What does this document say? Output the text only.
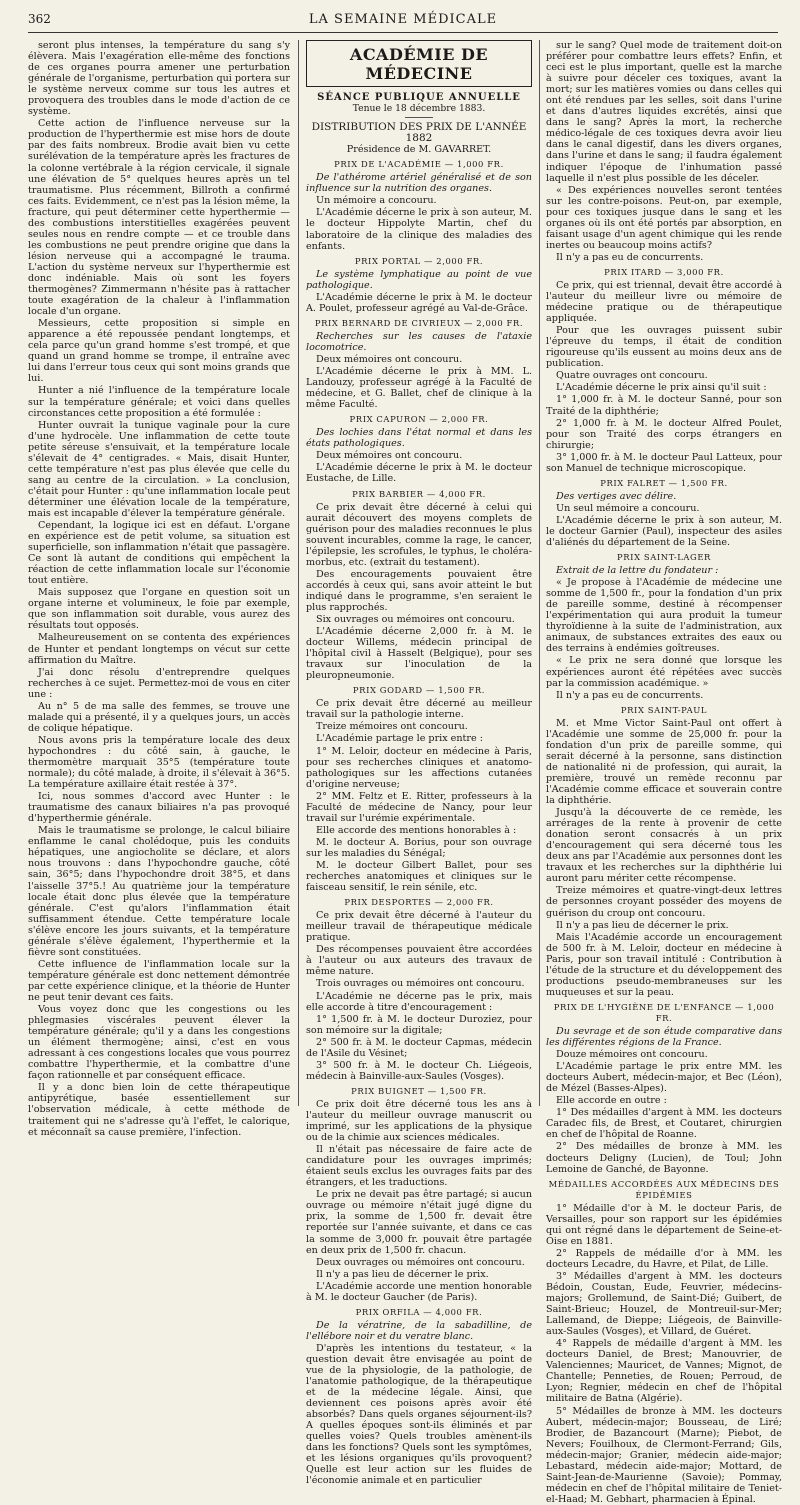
362	LA SEMAINE MÉDICALE

seront plus intenses, la température du sang s'y élèvera. Mais l'exagération elle-même des fonctions de ces organes pourra amener une perturbation générale de l'organisme, perturbation qui portera sur le système nerveux comme sur tous les autres et provoquera des troubles dans le mode d'action de ce système.

Cette action de l'influence nerveuse sur la production de l'hyperthermie est mise hors de doute par des faits nombreux. Brodie avait bien vu cette surélévation de la température après les fractures de la colonne vertébrale à la région cervicale, il signale une élévation de 5° quelques heures après un tel traumatisme. Plus récemment, Billroth a confirmé ces faits. Evidemment, ce n'est pas la lésion même, la fracture, qui peut déterminer cette hyperthermie — des combustions interstitielles exagérées peuvent seules nous en rendre compte — et ce trouble dans les combustions ne peut prendre origine que dans la lésion nerveuse qui a accompagné le trauma. L'action du système nerveux sur l'hyperthermie est donc indéniable. Mais où sont les foyers thermogènes? Zimmermann n'hésite pas à rattacher toute exagération de la chaleur à l'inflammation locale d'un organe.

Messieurs, cette proposition si simple en apparence a été repoussée pendant longtemps, et cela parce qu'un grand homme s'est trompé, et que quand un grand homme se trompe, il entraîne avec lui dans l'erreur tous ceux qui sont moins grands que lui.

Hunter a nié l'influence de la température locale sur la température générale; et voici dans quelles circonstances cette proposition a été formulée :

Hunter ouvrait la tunique vaginale pour la cure d'une hydrocèle. Une inflammation de cette toute petite séreuse s'ensuivait, et la température locale s'élevait de 4° centigrades. « Mais, disait Hunter, cette température n'est pas plus élevée que celle du sang au centre de la circulation. » La conclusion, c'était pour Hunter : qu'une inflammation locale peut déterminer une élévation locale de la température, mais est incapable d'élever la température générale.

Cependant, la logique ici est en défaut. L'organe en expérience est de petit volume, sa situation est superficielle, son inflammation n'était que passagère. Ce sont là autant de conditions qui empêchent la réaction de cette inflammation locale sur l'économie tout entière.

Mais supposez que l'organe en question soit un organe interne et volumineux, le foie par exemple, que son inflammation soit durable, vous aurez des résultats tout opposés.

Malheureusement on se contenta des expériences de Hunter et pendant longtemps on vécut sur cette affirmation du Maître.

J'ai donc résolu d'entreprendre quelques recherches à ce sujet. Permettez-moi de vous en citer une :

Au n° 5 de ma salle des femmes, se trouve une malade qui a présenté, il y a quelques jours, un accès de colique hépatique.

Nous avons pris la température locale des deux hypochondres : du côté sain, à gauche, le thermomètre marquait 35°5 (température toute normale); du côté malade, à droite, il s'élevait à 36°5. La température axillaire était restée à 37°.

Ici, nous sommes d'accord avec Hunter : le traumatisme des canaux biliaires n'a pas provoqué d'hyperthermie générale.

Mais le traumatisme se prolonge, le calcul biliaire enflamme le canal cholédoque, puis les conduits hépatiques, une angiocholite se déclare, et alors nous trouvons : dans l'hypochondre gauche, côté sain, 36°5; dans l'hypochondre droit 38°5, et dans l'aisselle 37°5.! Au quatrième jour la température locale était donc plus élevée que la température générale. C'est qu'alors l'inflammation était suffisamment étendue. Cette température locale s'élève encore les jours suivants, et la température générale s'élève également, l'hyperthermie et la fièvre sont constituées.

Cette influence de l'inflammation locale sur la température générale est donc nettement démontrée par cette expérience clinique, et la théorie de Hunter ne peut tenir devant ces faits.

Vous voyez donc que les congestions ou les phlegmasies viscérales peuvent élever la température générale; qu'il y a dans les congestions un élément thermogène; ainsi, c'est en vous adressant à ces congestions locales que vous pourrez combattre l'hyperthermie, et la combattre d'une façon rationnelle et par conséquent efficace.

Il y a donc bien loin de cette thérapeutique antipyrétique, basée essentiellement sur l'observation médicale, à cette méthode de traitement qui ne s'adresse qu'à l'effet, le calorique, et méconnaît sa cause première, l'infection.

ACADÉMIE DE MÉDECINE
SÉANCE PUBLIQUE ANNUELLE
Tenue le 18 décembre 1883.
DISTRIBUTION DES PRIX DE L'ANNÉE 1882
Présidence de M. GAVARRET.
PRIX DE L'ACADÉMIE — 1,000 FR.

De l'athérome artériel généralisé et de son influence sur la nutrition des organes.

Un mémoire a concouru.

L'Académie décerne le prix à son auteur, M. le docteur Hippolyte Martin, chef du laboratoire de la clinique des maladies des enfants.

PRIX PORTAL — 2,000 FR.

Le système lymphatique au point de vue pathologique.

L'Académie décerne le prix à M. le docteur A. Poulet, professeur agrégé au Val-de-Grâce.

PRIX BERNARD DE CIVRIEUX — 2,000 FR.

Recherches sur les causes de l'ataxie locomotrice.

Deux mémoires ont concouru.

L'Académie décerne le prix à MM. L. Landouzy, professeur agrégé à la Faculté de médecine, et G. Ballet, chef de clinique à la même Faculté.

PRIX CAPURON — 2,000 FR.

Des lochies dans l'état normal et dans les états pathologiques.

Deux mémoires ont concouru.

L'Académie décerne le prix à M. le docteur Eustache, de Lille.

PRIX BARBIER — 4,000 FR.

Ce prix devait être décerné à celui qui aurait découvert des moyens complets de guérison pour des maladies reconnues le plus souvent incurables, comme la rage, le cancer, l'épilepsie, les scrofules, le typhus, le choléra-morbus, etc. (extrait du testament).

Des encouragements pouvaient être accordés à ceux qui, sans avoir atteint le but indiqué dans le programme, s'en seraient le plus rapprochés.

Six ouvrages ou mémoires ont concouru.

L'Académie décerne 2,000 fr. à M. le docteur Willems, médecin principal de l'hôpital civil à Hasselt (Belgique), pour ses travaux sur l'inoculation de la pleuropneumonie.

PRIX GODARD — 1,500 FR.

Ce prix devait être décerné au meilleur travail sur la pathologie interne.

Treize mémoires ont concouru.

L'Académie partage le prix entre :

1° M. Leloir, docteur en médecine à Paris, pour ses recherches cliniques et anatomo-pathologiques sur les affections cutanées d'origine nerveuse;

2° MM. Feltz et E. Ritter, professeurs à la Faculté de médecine de Nancy, pour leur travail sur l'urémie expérimentale.

Elle accorde des mentions honorables à :

M. le docteur A. Borius, pour son ouvrage sur les maladies du Sénégal;

M. le docteur Gilbert Ballet, pour ses recherches anatomiques et cliniques sur le faisceau sensitif, le rein sénile, etc.

PRIX DESPORTES — 2,000 FR.

Ce prix devait être décerné à l'auteur du meilleur travail de thérapeutique médicale pratique.

Des récompenses pouvaient être accordées à l'auteur ou aux auteurs des travaux de même nature.

Trois ouvrages ou mémoires ont concouru.

L'Académie ne décerne pas le prix, mais elle accorde à titre d'encouragement :

1° 1,500 fr. à M. le docteur Duroziez, pour son mémoire sur la digitale;

2° 500 fr. à M. le docteur Capmas, médecin de l'Asile du Vésinet;

3° 500 fr. à M. le docteur Ch. Liégeois, médecin à Bainville-aux-Saules (Vosges).

PRIX BUIGNET — 1,500 FR.

Ce prix doit être décerné tous les ans à l'auteur du meilleur ouvrage manuscrit ou imprimé, sur les applications de la physique ou de la chimie aux sciences médicales.

Il n'était pas nécessaire de faire acte de candidature pour les ouvrages imprimés; étaient seuls exclus les ouvrages faits par des étrangers, et les traductions.

Le prix ne devait pas être partagé; si aucun ouvrage ou mémoire n'était jugé digne du prix, la somme de 1,500 fr. devait être reportée sur l'année suivante, et dans ce cas la somme de 3,000 fr. pouvait être partagée en deux prix de 1,500 fr. chacun.

Deux ouvrages ou mémoires ont concouru.

Il n'y a pas lieu de décerner le prix.

L'Académie accorde une mention honorable à M. le docteur Gaucher (de Paris).

PRIX ORFILA — 4,000 FR.

De la vératrine, de la sabadilline, de l'ellébore noir et du veratre blanc.

D'après les intentions du testateur, « la question devait être envisagée au point de vue de la physiologie, de la pathologie, de l'anatomie pathologique, de la thérapeutique et de la médecine légale. Ainsi, que deviennent ces poisons après avoir été absorbés? Dans quels organes séjournent-ils? A quelles époques sont-ils éliminés et par quelles voies? Quels troubles amènent-ils dans les fonctions? Quels sont les symptômes, et les lésions organiques qu'ils provoquent? Quelle est leur action sur les fluides de l'économie animale et en particulier

sur le sang? Quel mode de traitement doit-on préférer pour combattre leurs effets? Enfin, et ceci est le plus important, quelle est la marche à suivre pour déceler ces toxiques, avant la mort; sur les matières vomies ou dans celles qui ont été rendues par les selles, soit dans l'urine et dans d'autres liquides excrétés, ainsi que dans le sang? Après la mort, la recherche médico-légale de ces toxiques devra avoir lieu dans le canal digestif, dans les divers organes, dans l'urine et dans le sang; il faudra également indiquer l'époque de l'inhumation passé laquelle il n'est plus possible de les déceler.

« Des expériences nouvelles seront tentées sur les contre-poisons. Peut-on, par exemple, pour ces toxiques jusque dans le sang et les organes où ils ont été portés par absorption, en faisant usage d'un agent chimique qui les rende inertes ou beaucoup moins actifs?

Il n'y a pas eu de concurrents.

PRIX ITARD — 3,000 FR.

Ce prix, qui est triennal, devait être accordé à l'auteur du meilleur livre ou mémoire de médecine pratique ou de thérapeutique appliquée.

Pour que les ouvrages puissent subir l'épreuve du temps, il était de condition rigoureuse qu'ils eussent au moins deux ans de publication.

Quatre ouvrages ont concouru.

L'Académie décerne le prix ainsi qu'il suit :

1° 1,000 fr. à M. le docteur Sanné, pour son Traité de la diphthérie;

2° 1,000 fr. à M. le docteur Alfred Poulet, pour son Traité des corps étrangers en chirurgie;

3° 1,000 fr. à M. le docteur Paul Latteux, pour son Manuel de technique microscopique.

PRIX FALRET — 1,500 FR.

Des vertiges avec délire.

Un seul mémoire a concouru.

L'Académie décerne le prix à son auteur, M. le docteur Garnier (Paul), inspecteur des asiles d'aliénés du département de la Seine.

PRIX SAINT-LAGER

Extrait de la lettre du fondateur :

« Je propose à l'Académie de médecine une somme de 1,500 fr., pour la fondation d'un prix de pareille somme, destiné à récompenser l'expérimentation qui aura produit la tumeur thyroïdienne à la suite de l'administration, aux animaux, de substances extraites des eaux ou des terrains à endémies goîtreuses.

« Le prix ne sera donné que lorsque les expériences auront été répétées avec succès par la commission académique. »

Il n'y a pas eu de concurrents.

PRIX SAINT-PAUL

M. et Mme Victor Saint-Paul ont offert à l'Académie une somme de 25,000 fr. pour la fondation d'un prix de pareille somme, qui serait décerné à la personne, sans distinction de nationalité ni de profession, qui aurait, la première, trouvé un remède reconnu par l'Académie comme efficace et souverain contre la diphthérie.

Jusqu'à la découverte de ce remède, les arrérages de la rente à provenir de cette donation seront consacrés à un prix d'encouragement qui sera décerné tous les deux ans par l'Académie aux personnes dont les travaux et les recherches sur la diphthérie lui auront paru mériter cette récompense.

Treize mémoires et quatre-vingt-deux lettres de personnes croyant posséder des moyens de guérison du croup ont concouru.

Il n'y a pas lieu de décerner le prix.

Mais l'Académie accorde un encouragement de 500 fr. à M. Leloir, docteur en médecine à Paris, pour son travail intitulé : Contribution à l'étude de la structure et du développement des productions pseudo-membraneuses sur les muqueuses et sur la peau.

PRIX DE L'HYGIÈNE DE L'ENFANCE — 1,000 FR.

Du sevrage et de son étude comparative dans les différentes régions de la France.

Douze mémoires ont concouru.

L'Académie partage le prix entre MM. les docteurs Aubert, médecin-major, et Bec (Léon), de Mézel (Basses-Alpes).

Elle accorde en outre :

1° Des médailles d'argent à MM. les docteurs Caradec fils, de Brest, et Coutaret, chirurgien en chef de l'hôpital de Roanne.

2° Des médailles de bronze à MM. les docteurs Deligny (Lucien), de Toul; John Lemoine de Ganché, de Bayonne.

MÉDAILLES ACCORDÉES AUX MÉDECINS DES ÉPIDÉMIES

1° Médaille d'or à M. le docteur Paris, de Versailles, pour son rapport sur les épidémies qui ont régné dans le département de Seine-et-Oise en 1881.

2° Rappels de médaille d'or à MM. les docteurs Lecadre, du Havre, et Pilat, de Lille.

3° Médailles d'argent à MM. les docteurs Bédoin, Coustan, Eude, Feuvrier, médecins-majors; Grollemund, de Saint-Dié; Guibert, de Saint-Brieuc; Houzel, de Montreuil-sur-Mer; Lallemand, de Dieppe; Liégeois, de Bainville-aux-Saules (Vosges), et Villard, de Guéret.

4° Rappels de médaille d'argent à MM. les docteurs Daniel, de Brest; Manouvrier, de Valenciennes; Mauricet, de Vannes; Mignot, de Chantelle; Penneties, de Rouen; Perroud, de Lyon; Regnier, médecin en chef de l'hôpital militaire de Batna (Algérie).

5° Médailles de bronze à MM. les docteurs Aubert, médecin-major; Bousseau, de Liré; Brodier, de Bazancourt (Marne); Piebot, de Nevers; Fouilhoux, de Clermont-Ferrand; Gils, médecin-major; Granier, médecin aide-major; Lebastard, médecin aide-major; Mottard, de Saint-Jean-de-Maurienne (Savoie); Pommay, médecin en chef de l'hôpital militaire de Teniet-el-Haad; M. Gebhart, pharmacien à Épinal.
